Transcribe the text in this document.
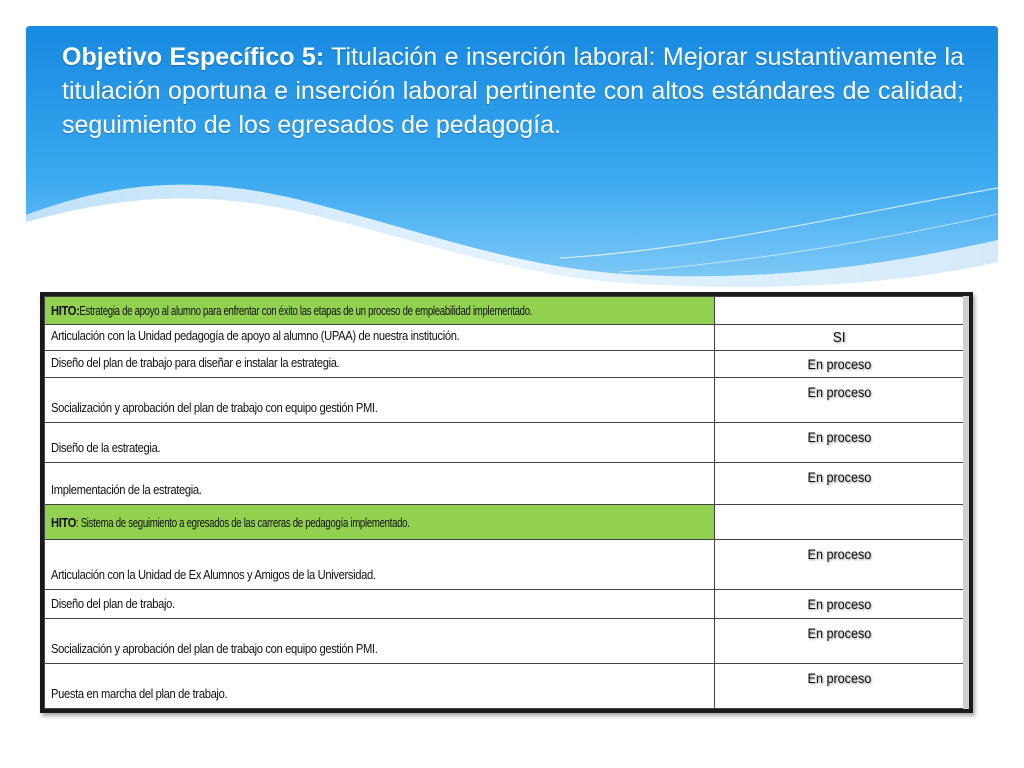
Objetivo Específico 5: Titulación e inserción laboral: Mejorar sustantivamente la titulación oportuna e inserción laboral pertinente con altos estándares de calidad; seguimiento de los egresados de pedagogía.
HITO:Estrategia de apoyo al alumno para enfrentar con éxito las etapas de un proceso de empleabilidad implementado.	
Articulación con la Unidad pedagogía de apoyo al alumno (UPAA) de nuestra institución.	SI
Diseño del plan de trabajo para diseñar e instalar la estrategia.	En proceso
Socialización y aprobación del plan de trabajo con equipo gestión PMI.	En proceso
Diseño de la estrategia.	En proceso
Implementación de la estrategia.	En proceso
HITO: Sistema de seguimiento a egresados de las carreras de pedagogía implementado.	
Articulación con la Unidad de Ex Alumnos y Amigos de la Universidad.	En proceso
Diseño del plan de trabajo.	En proceso
Socialización y aprobación del plan de trabajo con equipo gestión PMI.	En proceso
Puesta en marcha del plan de trabajo.	En proceso
